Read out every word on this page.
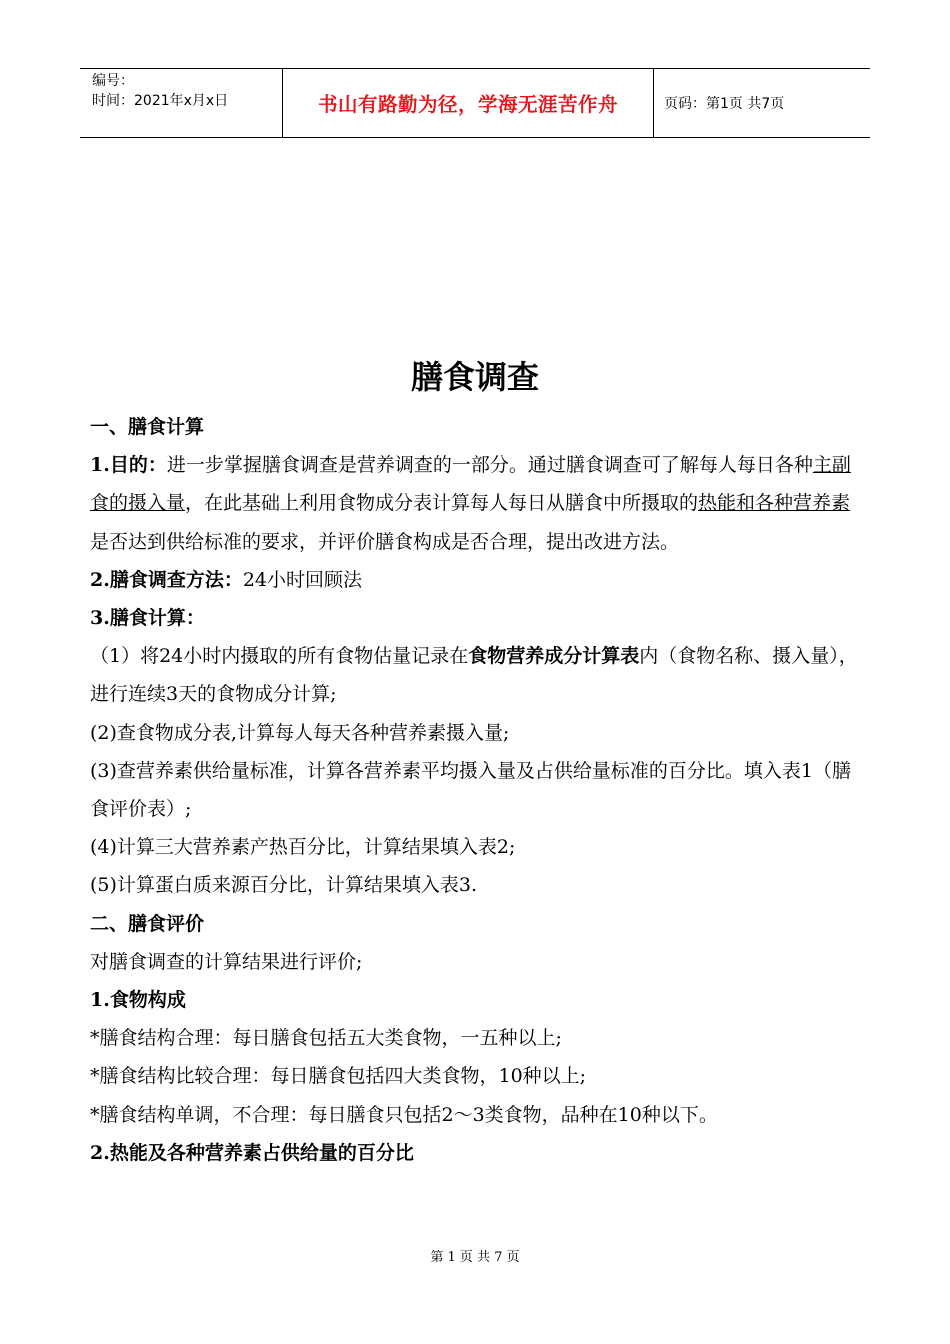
编号：
时间：2021年x月x日	书山有路勤为径，学海无涯苦作舟	页码：第1页 共7页
膳食调查

一、膳食计算

1.目的：进一步掌握膳食调查是营养调查的一部分。通过膳食调查可了解每人每日各种主副食的摄入量，在此基础上利用食物成分表计算每人每日从膳食中所摄取的热能和各种营养素是否达到供给标准的要求，并评价膳食构成是否合理，提出改进方法。

2.膳食调查方法：24小时回顾法

3.膳食计算：

（1）将24小时内摄取的所有食物估量记录在食物营养成分计算表内（食物名称、摄入量），进行连续3天的食物成分计算;

(2)查食物成分表,计算每人每天各种营养素摄入量;

(3)查营养素供给量标准，计算各营养素平均摄入量及占供给量标准的百分比。填入表1（膳食评价表）;

(4)计算三大营养素产热百分比，计算结果填入表2;

(5)计算蛋白质来源百分比，计算结果填入表3.

二、膳食评价

对膳食调查的计算结果进行评价;

1.食物构成

*膳食结构合理：每日膳食包括五大类食物，一五种以上;

*膳食结构比较合理：每日膳食包括四大类食物，10种以上;

*膳食结构单调，不合理：每日膳食只包括2～3类食物，品种在10种以下。

2.热能及各种营养素占供给量的百分比

第 1 页 共 7 页
